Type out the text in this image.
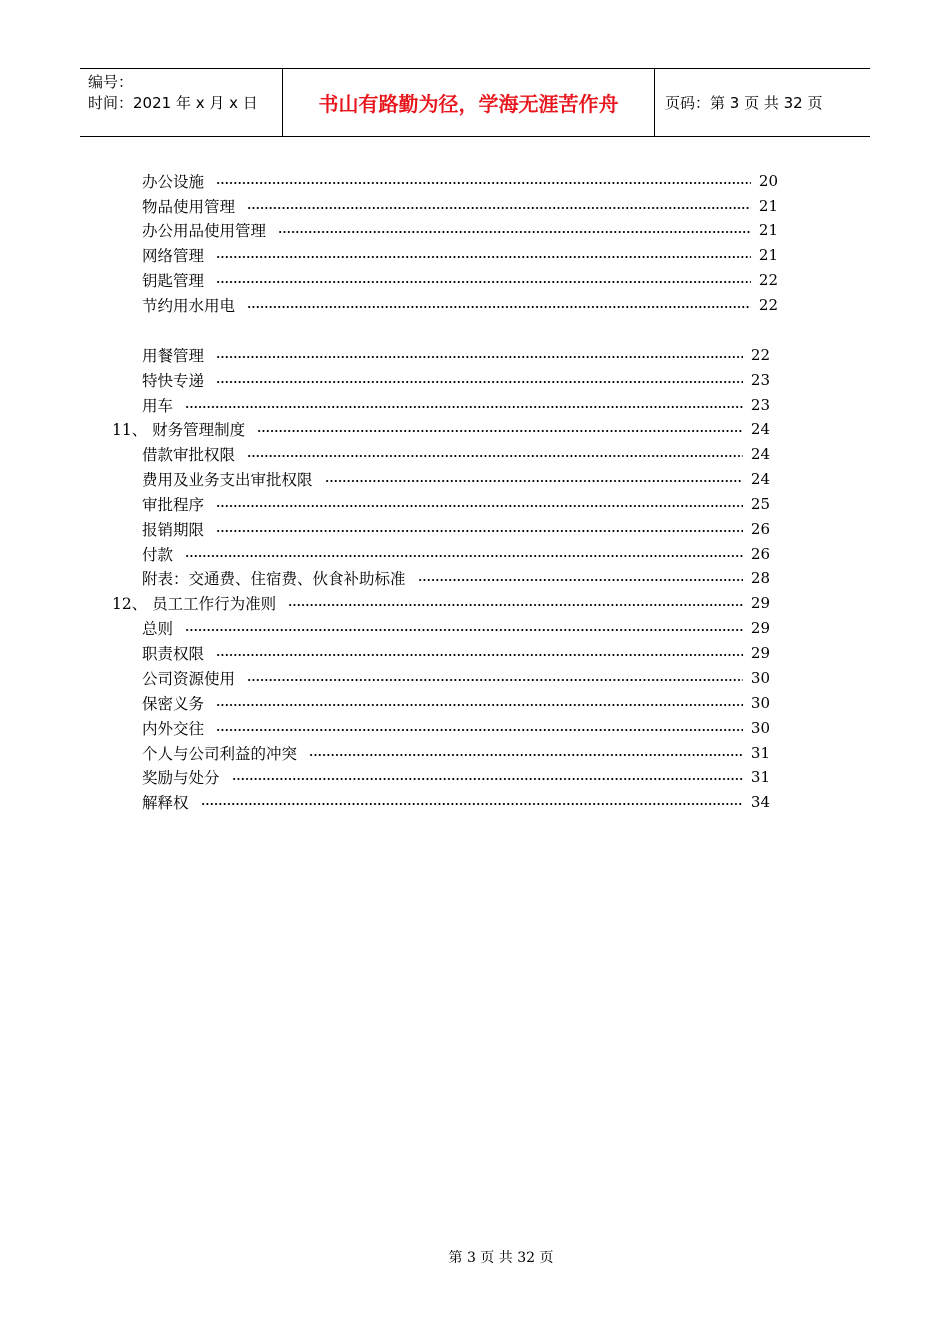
编号：
时间：2021 年 x 月 x 日	书山有路勤为径，学海无涯苦作舟	页码：第 3 页 共 32 页
办公设施	20
物品使用管理	21
办公用品使用管理	21
网络管理	21
钥匙管理	22
节约用水用电	22
用餐管理	22
特快专递	23
用车	23
11、 财务管理制度	24
借款审批权限	24
费用及业务支出审批权限	24
审批程序	25
报销期限	26
付款	26
附表：交通费、住宿费、伙食补助标准	28
12、 员工工作行为准则	29
总则	29
职责权限	29
公司资源使用	30
保密义务	30
内外交往	30
个人与公司利益的冲突	31
奖励与处分	31
解释权	34
第 3 页 共 32 页
